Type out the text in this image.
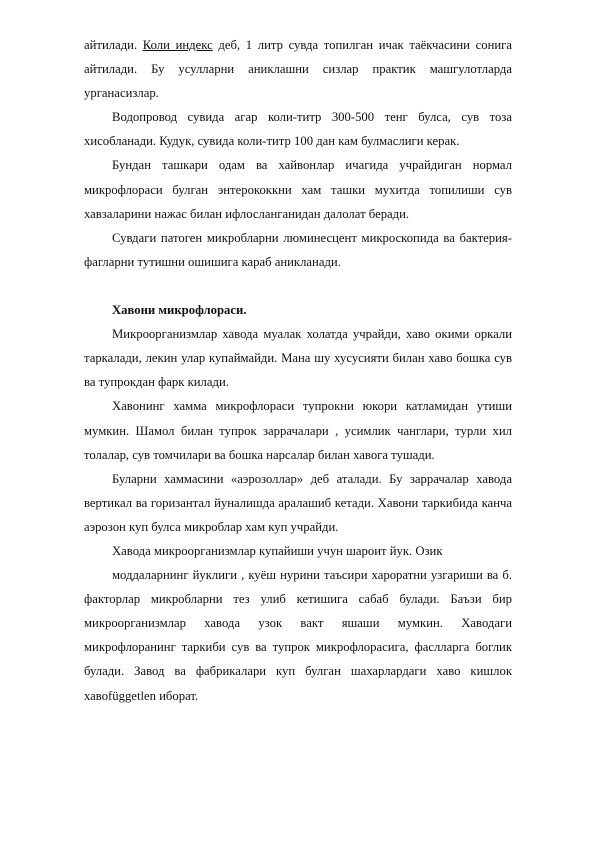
айтилади. Коли индекс деб, 1 литр сувда топилган ичак таёкчасини сонига айтилади. Бу усулларни аниклашни сизлар практик машгулотларда урганасизлар.

Водопровод сувида агар коли-титр 300-500 тенг булса, сув тоза хисобланади. Кудук, сувида коли-титр 100 дан кам булмаслиги керак.

Бундан ташкари одам ва хайвонлар ичагида учрайдиган нормал микрофлораси булган энтерококкни хам ташки мухитда топилиши сув хавзаларини нажас билан ифлосланганидан далолат беради.

Сувдаги патоген микробларни люминесцент микроскопида ва бактерия-фагларни тутишни ошишига караб аникланади.

Хавони микрофлораси.

Микроорганизмлар хавода муалак холатда учрайди, хаво окими оркали таркалади, лекин улар купаймайди. Мана шу хусусияти билан хаво бошка сув ва тупрокдан фарк килади.

Хавонинг хамма микрофлораси тупрокни юкори катламидан утиши мумкин. Шамол билан тупрок заррачалари , усимлик чанглари, турли хил толалар, сув томчилари ва бошка нарсалар билан хавога тушади.

Буларни хаммасини «аэрозоллар» деб аталади. Бу заррачалар хавода вертикал ва горизантал йуналишда аралашиб кетади. Хавони таркибида канча аэрозон куп булса микроблар хам куп учрайди.

Хавода микроорганизмлар купайиши учун шароит йук. Озик

моддаларнинг йуклиги , куёш нурини таъсири хароратни узгариши ва б. факторлар микробларни тез улиб кетишига сабаб булади. Баъзи бир микроорганизмлар хавода узок вакт яшаши мумкин. Хаводаги микрофлоранинг таркиби сув ва тупрок микрофлорасига, фаслларга боглик булади. Завод ва фабрикалари куп булган шахарлардаги хаво кишлок хавоfüggetlen иборат.
